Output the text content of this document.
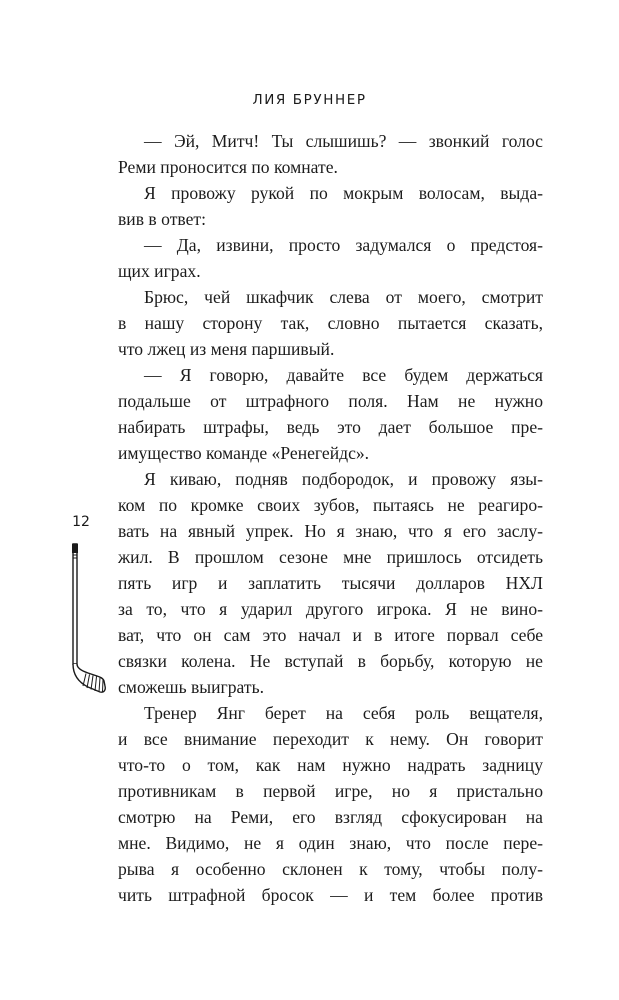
ЛИЯ БРУННЕР
12

— Эй, Митч! Ты слышишь? — звонкий голос
Реми проносится по комнате.

Я провожу рукой по мокрым волосам, выда-
вив в ответ:

— Да, извини, просто задумался о предстоя-
щих играх.

Брюс, чей шкафчик слева от моего, смотрит
в нашу сторону так, словно пытается сказать,
что лжец из меня паршивый.

— Я говорю, давайте все будем держаться
подальше от штрафного поля. Нам не нужно
набирать штрафы, ведь это дает большое пре-
имущество команде «Ренегейдс».

Я киваю, подняв подбородок, и провожу язы-
ком по кромке своих зубов, пытаясь не реагиро-
вать на явный упрек. Но я знаю, что я его заслу-
жил. В прошлом сезоне мне пришлось отсидеть
пять игр и заплатить тысячи долларов НХЛ
за то, что я ударил другого игрока. Я не вино-
ват, что он сам это начал и в итоге порвал себе
связки колена. Не вступай в борьбу, которую не
сможешь выиграть.

Тренер Янг берет на себя роль вещателя,
и все внимание переходит к нему. Он говорит
что-то о том, как нам нужно надрать задницу
противникам в первой игре, но я пристально
смотрю на Реми, его взгляд сфокусирован на
мне. Видимо, не я один знаю, что после пере-
рыва я особенно склонен к тому, чтобы полу-
чить штрафной бросок — и тем более против
